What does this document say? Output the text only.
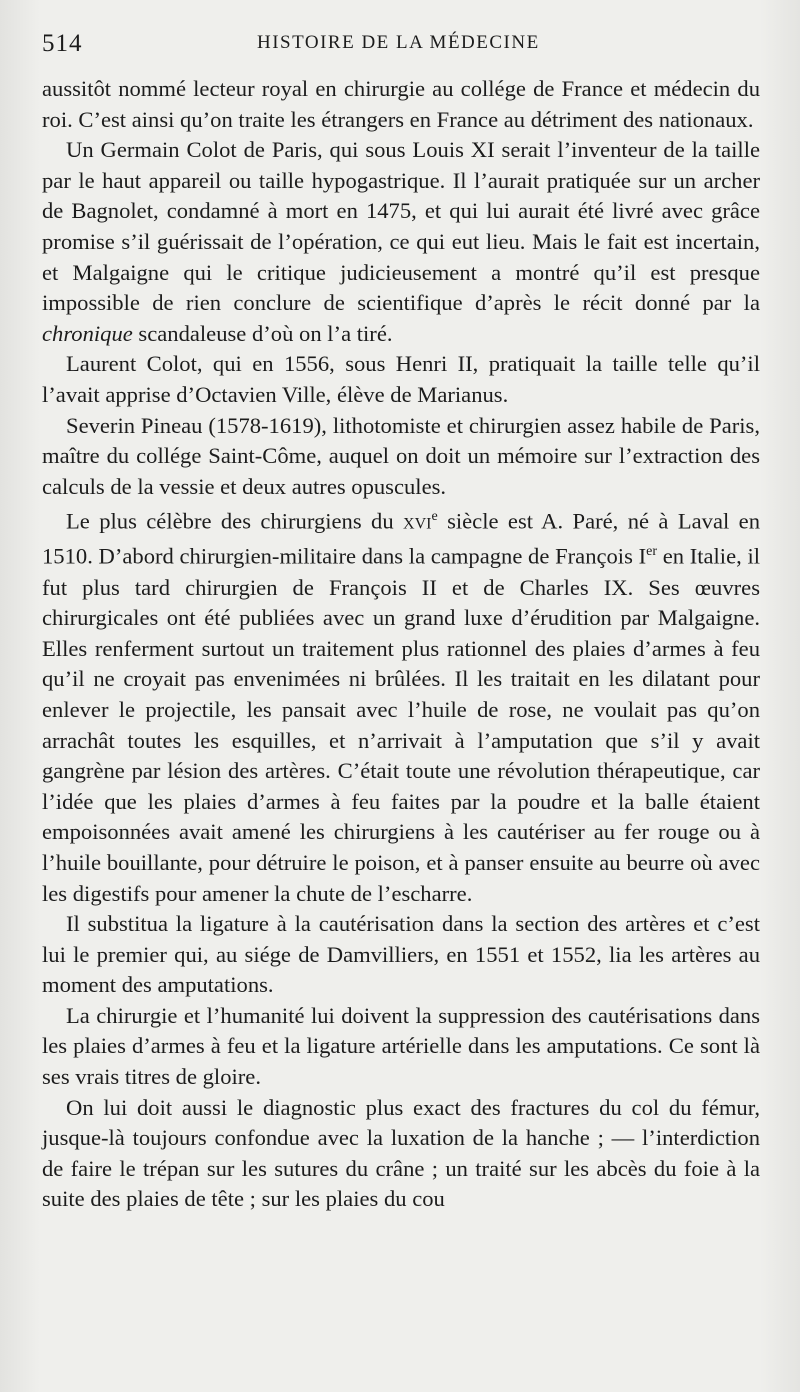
514	HISTOIRE DE LA MÉDECINE

aussitôt nommé lecteur royal en chirurgie au collége de France et médecin du roi. C’est ainsi qu’on traite les étrangers en France au détriment des nationaux.

Un Germain Colot de Paris, qui sous Louis XI serait l’inventeur de la taille par le haut appareil ou taille hypogastrique. Il l’aurait pratiquée sur un archer de Bagnolet, condamné à mort en 1475, et qui lui aurait été livré avec grâce promise s’il guérissait de l’opération, ce qui eut lieu. Mais le fait est incertain, et Malgaigne qui le critique judicieusement a montré qu’il est presque impossible de rien conclure de scientifique d’après le récit donné par la chronique scandaleuse d’où on l’a tiré.

Laurent Colot, qui en 1556, sous Henri II, pratiquait la taille telle qu’il l’avait apprise d’Octavien Ville, élève de Marianus.

Severin Pineau (1578-1619), lithotomiste et chirurgien assez habile de Paris, maître du collége Saint-Côme, auquel on doit un mémoire sur l’extraction des calculs de la vessie et deux autres opuscules.

Le plus célèbre des chirurgiens du xvi$^e$ siècle est A. Paré, né à Laval en 1510. D’abord chirurgien-militaire dans la campagne de François Ier en Italie, il fut plus tard chirurgien de François II et de Charles IX. Ses œuvres chirurgicales ont été publiées avec un grand luxe d’érudition par Malgaigne. Elles renferment surtout un traitement plus rationnel des plaies d’armes à feu qu’il ne croyait pas envenimées ni brûlées. Il les traitait en les dilatant pour enlever le projectile, les pansait avec l’huile de rose, ne voulait pas qu’on arrachât toutes les esquilles, et n’arrivait à l’amputation que s’il y avait gangrène par lésion des artères. C’était toute une révolution thérapeutique, car l’idée que les plaies d’armes à feu faites par la poudre et la balle étaient empoisonnées avait amené les chirurgiens à les cautériser au fer rouge ou à l’huile bouillante, pour détruire le poison, et à panser ensuite au beurre où avec les digestifs pour amener la chute de l’escharre.

Il substitua la ligature à la cautérisation dans la section des artères et c’est lui le premier qui, au siége de Damvilliers, en 1551 et 1552, lia les artères au moment des amputations.

La chirurgie et l’humanité lui doivent la suppression des cautérisations dans les plaies d’armes à feu et la ligature artérielle dans les amputations. Ce sont là ses vrais titres de gloire.

On lui doit aussi le diagnostic plus exact des fractures du col du fémur, jusque-là toujours confondue avec la luxation de la hanche ; — l’interdiction de faire le trépan sur les sutures du crâne ; un traité sur les abcès du foie à la suite des plaies de tête ; sur les plaies du cou
